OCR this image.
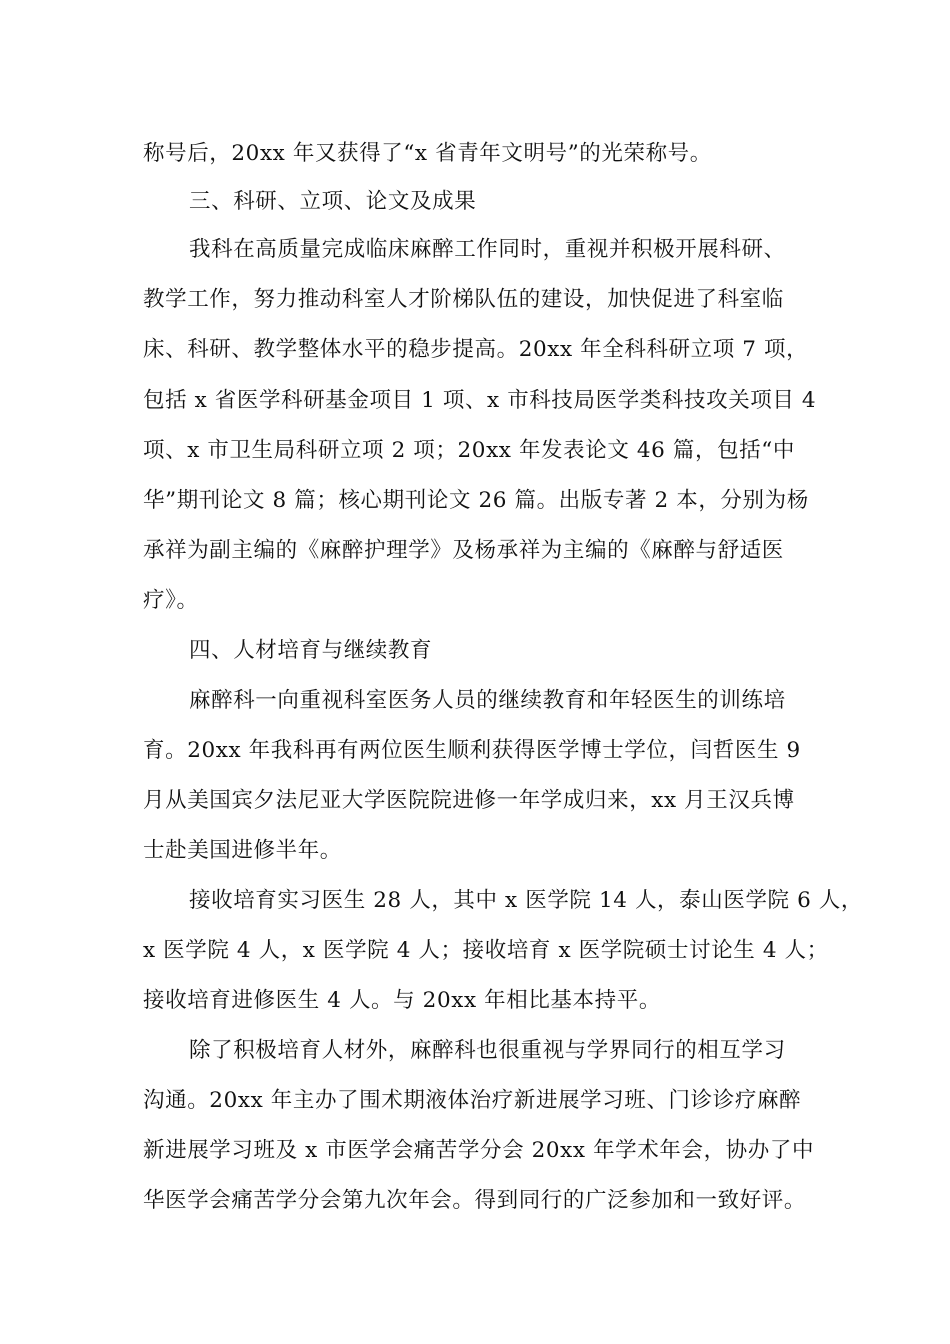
称号后，20xx 年又获得了“x 省青年文明号”的光荣称号。
三、科研、立项、论文及成果
我科在高质量完成临床麻醉工作同时，重视并积极开展科研、
教学工作，努力推动科室人才阶梯队伍的建设，加快促进了科室临
床、科研、教学整体水平的稳步提高。20xx 年全科科研立项 7 项，
包括 x 省医学科研基金项目 1 项、x 市科技局医学类科技攻关项目 4
项、x 市卫生局科研立项 2 项；20xx 年发表论文 46 篇，包括“中
华”期刊论文 8 篇；核心期刊论文 26 篇。出版专著 2 本，分别为杨
承祥为副主编的《麻醉护理学》及杨承祥为主编的《麻醉与舒适医
疗》。
四、人材培育与继续教育
麻醉科一向重视科室医务人员的继续教育和年轻医生的训练培
育。20xx 年我科再有两位医生顺利获得医学博士学位，闫哲医生 9
月从美国宾夕法尼亚大学医院院进修一年学成归来，xx 月王汉兵博
士赴美国进修半年。
接收培育实习医生 28 人，其中 x 医学院 14 人，泰山医学院 6 人，
x 医学院 4 人，x 医学院 4 人；接收培育 x 医学院硕士讨论生 4 人；
接收培育进修医生 4 人。与 20xx 年相比基本持平。
除了积极培育人材外，麻醉科也很重视与学界同行的相互学习
沟通。20xx 年主办了围术期液体治疗新进展学习班、门诊诊疗麻醉
新进展学习班及 x 市医学会痛苦学分会 20xx 年学术年会，协办了中
华医学会痛苦学分会第九次年会。得到同行的广泛参加和一致好评。
